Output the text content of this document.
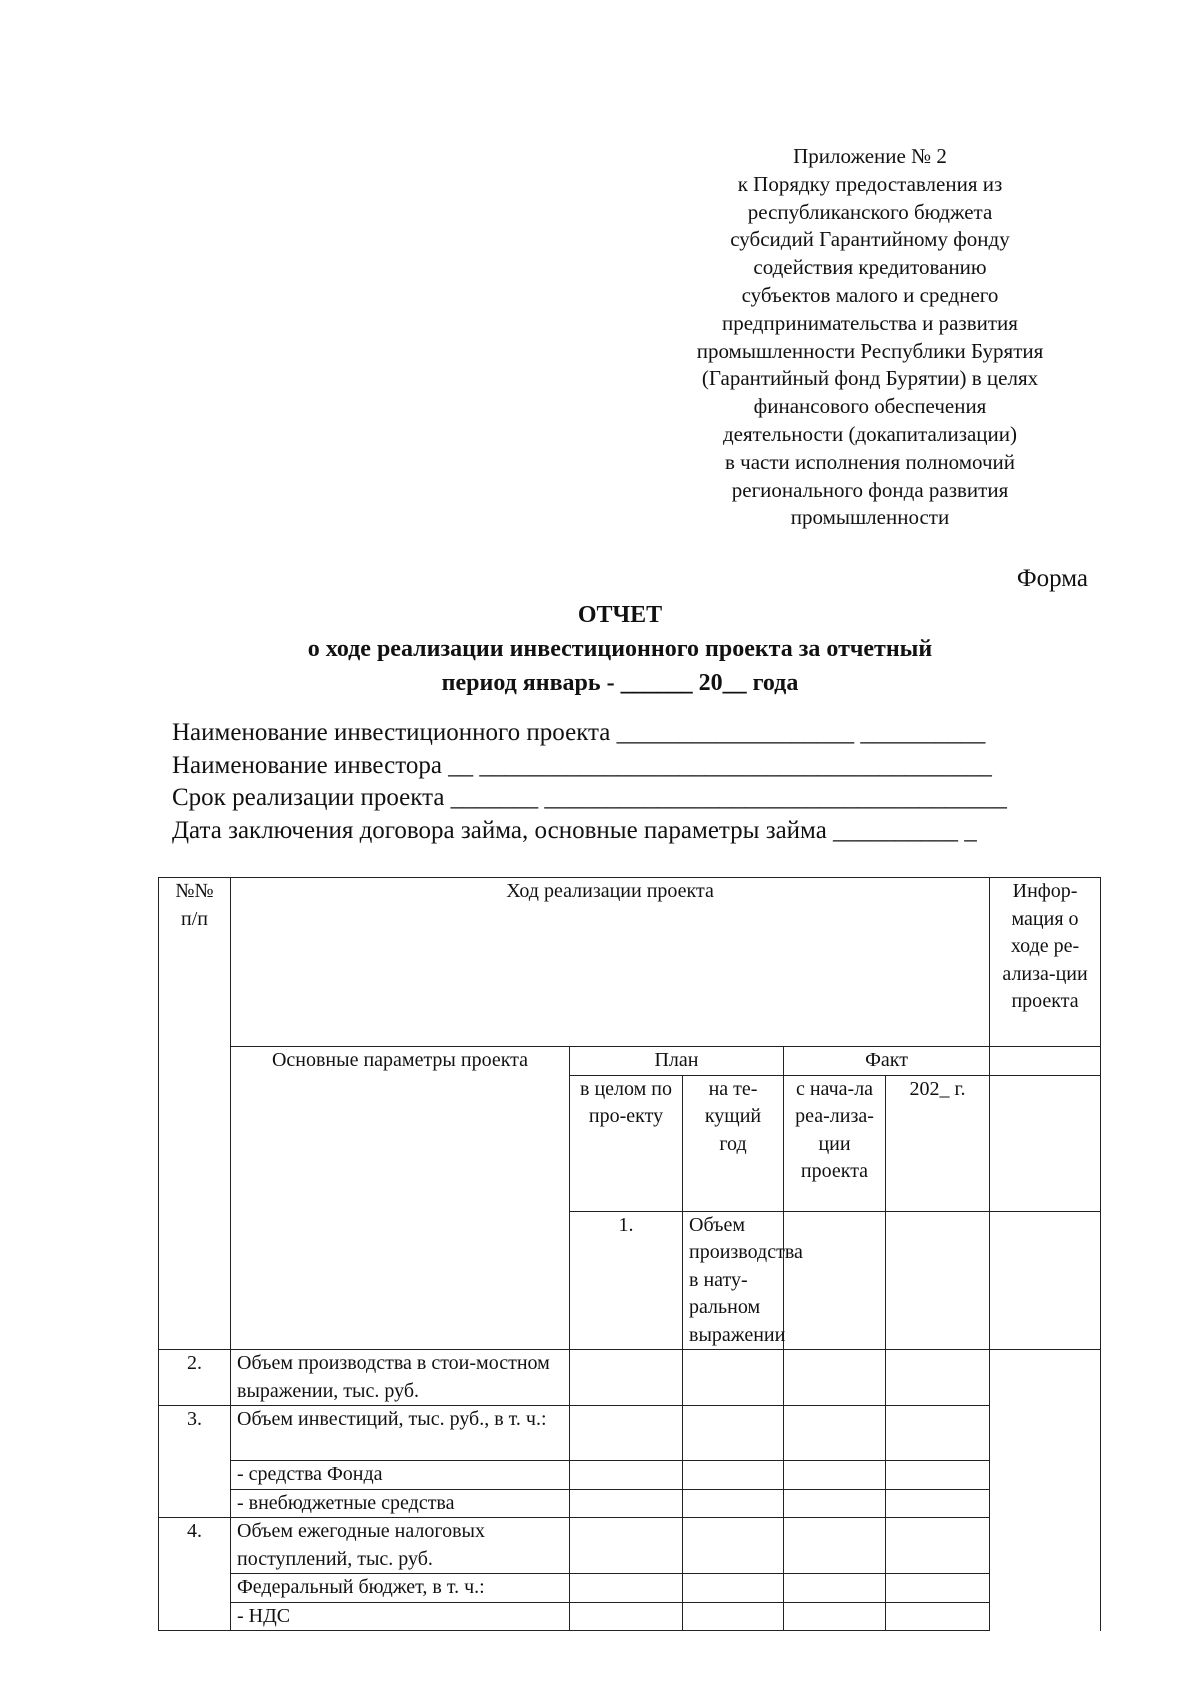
Приложение № 2
к Порядку предоставления из
республиканского бюджета
субсидий Гарантийному фонду
содействия кредитованию
субъектов малого и среднего
предпринимательства и развития
промышленности Республики Бурятия
(Гарантийный фонд Бурятии) в целях
финансового обеспечения
деятельности (докапитализации)
в части исполнения полномочий
регионального фонда развития
промышленности
Форма
ОТЧЕТ
о ходе реализации инвестиционного проекта за отчетный
период январь - ______ 20__ года
Наименование инвестиционного проекта ___________________ __________
Наименование инвестора __ _________________________________________
Срок реализации проекта _______ _____________________________________
Дата заключения договора займа, основные параметры займа __________ _
№№ п/п	Ход реализации проекта					Инфор-мация о ходе ре-ализа-ции проекта	
	Основные параметры проекта	План		Факт			
		в целом по про-екту	на те-кущий год	с нача-ла реа-лиза-ции проекта	202_ г.		
		1.	Объем производства в нату-ральном выражении					
2.	Объем производства в стои-мостном выражении, тыс. руб.						
3.	Объем инвестиций, тыс. руб., в т. ч.:						
	- средства Фонда						
	- внебюджетные средства						
4.	Объем ежегодные налоговых поступлений, тыс. руб.						
	Федеральный бюджет, в т. ч.:						
	- НДС						
